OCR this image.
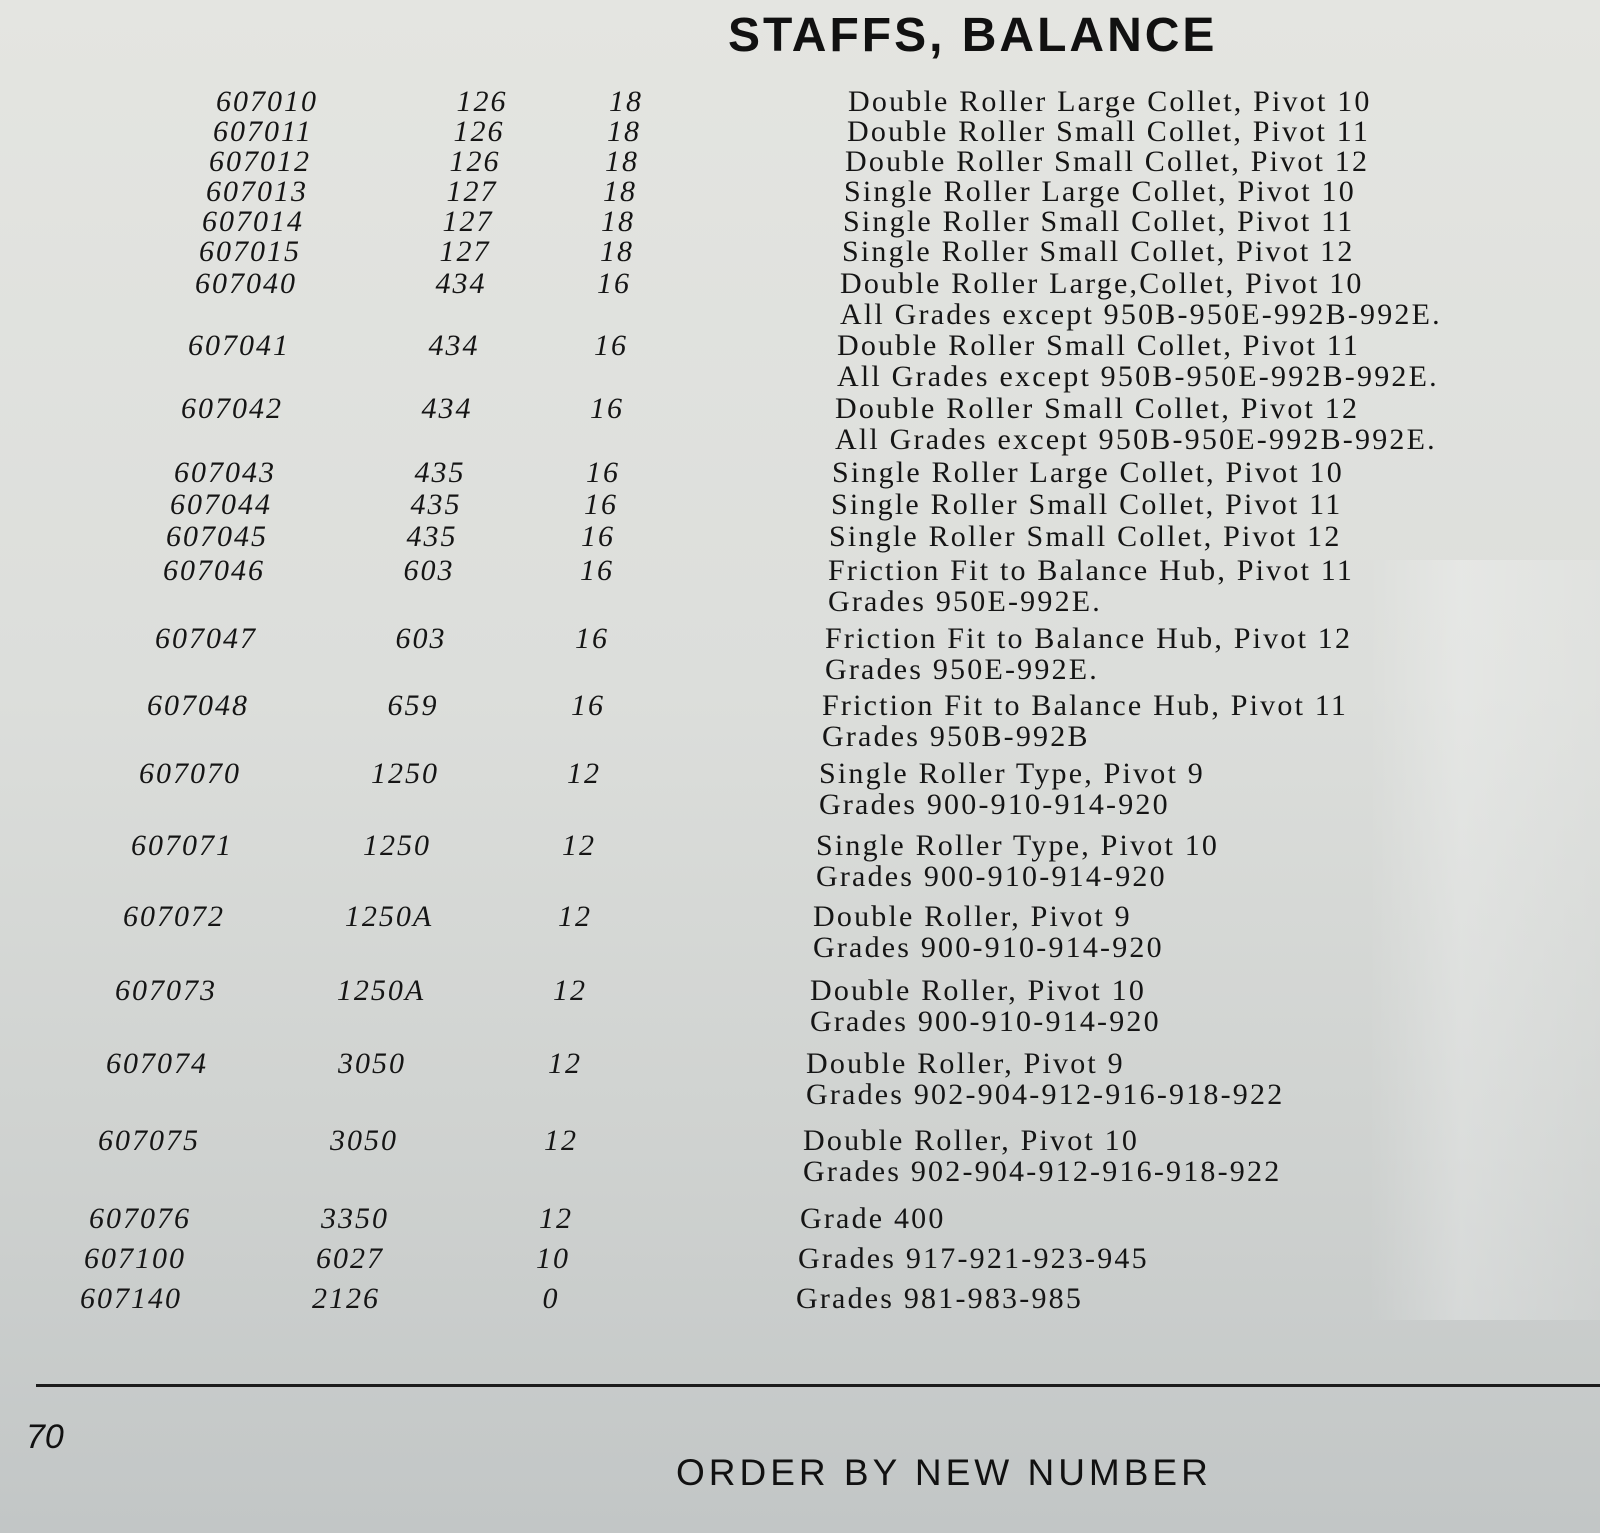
STAFFS, BALANCE
607010	126	18	Double Roller Large Collet, Pivot 10
607011	126	18	Double Roller Small Collet, Pivot 11
607012	126	18	Double Roller Small Collet, Pivot 12
607013	127	18	Single Roller Large Collet, Pivot 10
607014	127	18	Single Roller Small Collet, Pivot 11
607015	127	18	Single Roller Small Collet, Pivot 12
607040	434	16	Double Roller Large,Collet, Pivot 10
All Grades except 950B-950E-992B-992E.
607041	434	16	Double Roller Small Collet, Pivot 11
All Grades except 950B-950E-992B-992E.
607042	434	16	Double Roller Small Collet, Pivot 12
All Grades except 950B-950E-992B-992E.
607043	435	16	Single Roller Large Collet, Pivot 10
607044	435	16	Single Roller Small Collet, Pivot 11
607045	435	16	Single Roller Small Collet, Pivot 12
607046	603	16	Friction Fit to Balance Hub, Pivot 11
Grades 950E-992E.
607047	603	16	Friction Fit to Balance Hub, Pivot 12
Grades 950E-992E.
607048	659	16	Friction Fit to Balance Hub, Pivot 11
Grades 950B-992B
607070	1250	12	Single Roller Type, Pivot 9
Grades 900-910-914-920
607071	1250	12	Single Roller Type, Pivot 10
Grades 900-910-914-920
607072	1250A	12	Double Roller, Pivot 9
Grades 900-910-914-920
607073	1250A	12	Double Roller, Pivot 10
Grades 900-910-914-920
607074	3050	12	Double Roller, Pivot 9
Grades 902-904-912-916-918-922
607075	3050	12	Double Roller, Pivot 10
Grades 902-904-912-916-918-922
607076	3350	12	Grade 400
607100	6027	10	Grades 917-921-923-945
607140	2126	0	Grades 981-983-985
70
ORDER BY NEW NUMBER
